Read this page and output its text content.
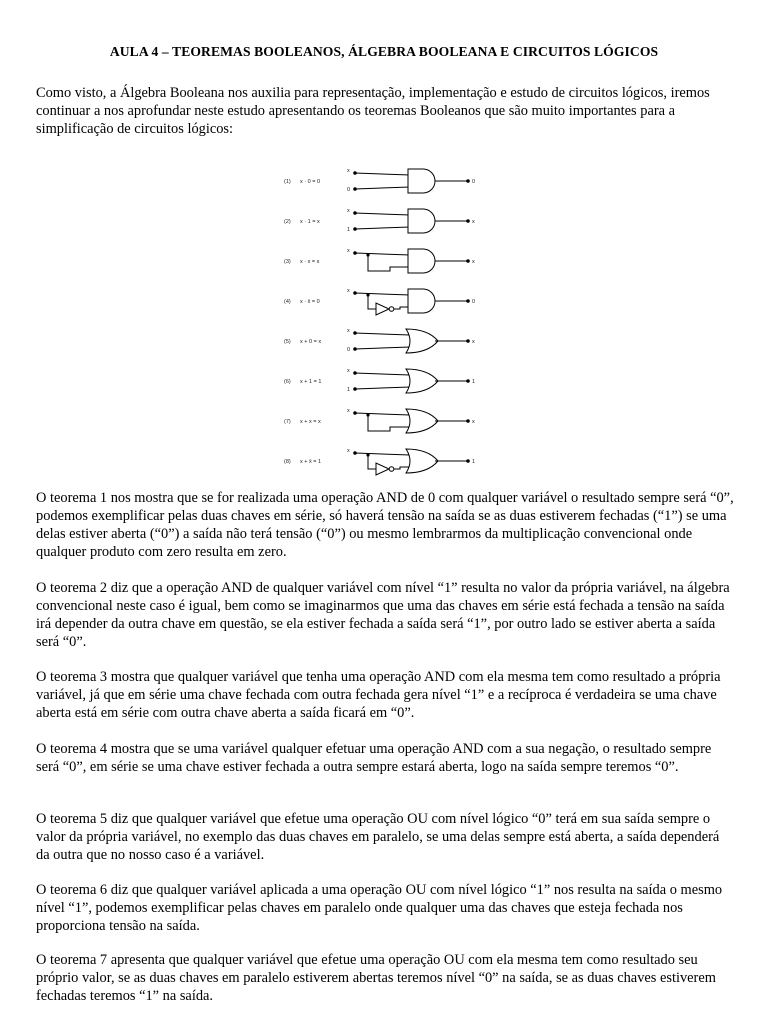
AULA 4 – TEOREMAS BOOLEANOS, ÁLGEBRA BOOLEANA E CIRCUITOS LÓGICOS

Como visto, a Álgebra Booleana nos auxilia para representação, implementação e estudo de circuitos lógicos, iremos continuar a nos aprofundar neste estudo apresentando os teoremas Booleanos que são muito importantes para a simplificação de circuitos lógicos:

(1) x · 0 = 0
x
0
0
(2) x · 1 = x
x
1
x
(3) x · x = x
x
x
(4) x · x̄ = 0
x
0
(5) x + 0 = x
x
0
x
(6) x + 1 = 1
x
1
1
(7) x + x = x
x
x
(8) x + x̄ = 1
x
1

O teorema 1 nos mostra que se for realizada uma operação AND de 0 com qualquer variável o resultado sempre será “0”, podemos exemplificar pelas duas chaves em série, só haverá tensão na saída se as duas estiverem fechadas (“1”) se uma delas estiver aberta (“0”) a saída não terá tensão (“0”) ou mesmo lembrarmos da multiplicação convencional onde qualquer produto com zero resulta em zero.

O teorema 2 diz que a operação AND de qualquer variável com nível “1” resulta no valor da própria variável, na álgebra convencional neste caso é igual, bem como se imaginarmos que uma das chaves em série está fechada a tensão na saída irá depender da outra chave em questão, se ela estiver fechada a saída será “1”, por outro lado se estiver aberta a saída será “0”.

O teorema 3 mostra que qualquer variável que tenha uma operação AND com ela mesma tem como resultado a própria variável, já que em série uma chave fechada com outra fechada gera nível “1” e a recíproca é verdadeira se uma chave aberta está em série com outra chave aberta a saída ficará em “0”.

O teorema 4 mostra que se uma variável qualquer efetuar uma operação AND com a sua negação, o resultado sempre será “0”, em série se uma chave estiver fechada a outra sempre estará aberta, logo na saída sempre teremos “0”.

O teorema 5 diz que qualquer variável que efetue uma operação OU com nível lógico “0” terá em sua saída sempre o valor da própria variável, no exemplo das duas chaves em paralelo, se uma delas sempre está aberta, a saída dependerá da outra que no nosso caso é a variável.

O teorema 6 diz que qualquer variável aplicada a uma operação OU com nível lógico “1” nos resulta na saída o mesmo nível “1”, podemos exemplificar pelas chaves em paralelo onde qualquer uma das chaves que esteja fechada nos proporciona tensão na saída.

O teorema 7 apresenta que qualquer variável que efetue uma operação OU com ela mesma tem como resultado seu próprio valor, se as duas chaves em paralelo estiverem abertas teremos nível “0” na saída, se as duas chaves estiverem fechadas teremos “1” na saída.
